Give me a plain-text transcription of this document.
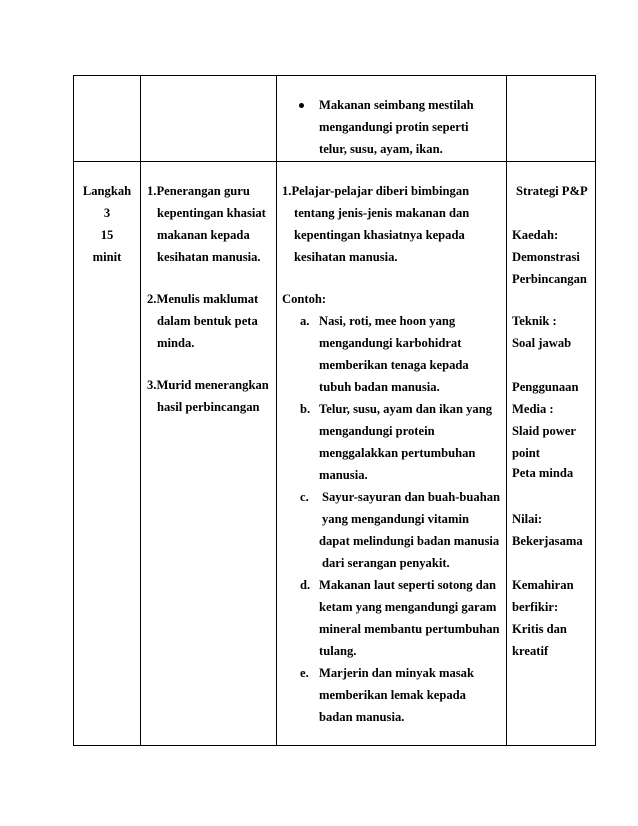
Makanan seimbang mestilah
mengandungi protin seperti
telur, susu, ayam, ikan.
Langkah
3
15
minit
1.Penerangan guru
kepentingan khasiat
makanan kepada
kesihatan manusia.
2.Menulis maklumat
dalam bentuk peta
minda.
3.Murid menerangkan
hasil perbincangan
1.Pelajar-pelajar diberi bimbingan
tentang jenis-jenis makanan dan
kepentingan khasiatnya kepada
kesihatan manusia.
Contoh:
a. Nasi, roti, mee hoon yang
mengandungi karbohidrat
memberikan tenaga kepada
tubuh badan manusia.
b. Telur, susu, ayam dan ikan yang
mengandungi protein
menggalakkan pertumbuhan
manusia.
c. Sayur-sayuran dan buah-buahan
yang mengandungi vitamin
dapat melindungi badan manusia
dari serangan penyakit.
d. Makanan laut seperti sotong dan
ketam yang mengandungi garam
mineral membantu pertumbuhan
tulang.
e. Marjerin dan minyak masak
memberikan lemak kepada
badan manusia.
Strategi P&P
Kaedah:
Demonstrasi
Perbincangan
Teknik :
Soal jawab
Penggunaan
Media :
Slaid power
point
Peta minda
Nilai:
Bekerjasama
Kemahiran
berfikir:
Kritis dan
kreatif
